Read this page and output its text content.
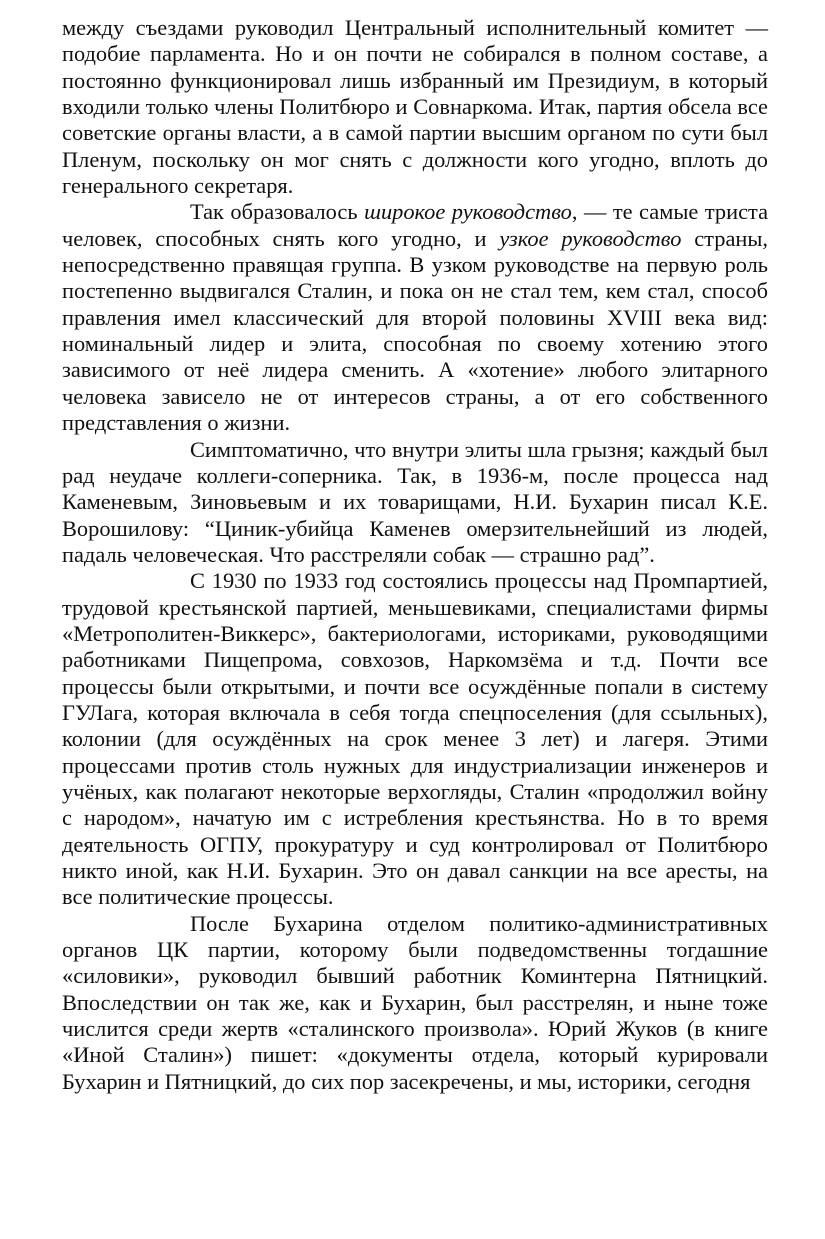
между съездами руководил Центральный исполнительный комитет — подобие парламента. Но и он почти не собирался в полном составе, а постоянно функционировал лишь избранный им Президиум, в который входили только члены Политбюро и Совнаркома. Итак, партия обсела все советские органы власти, а в самой партии высшим органом по сути был Пленум, поскольку он мог снять с должности кого угодно, вплоть до генерального секретаря.

Так образовалось широкое руководство, — те самые триста человек, способных снять кого угодно, и узкое руководство страны, непосредственно правящая группа. В узком руководстве на первую роль постепенно выдвигался Сталин, и пока он не стал тем, кем стал, способ правления имел классический для второй половины XVIII века вид: номинальный лидер и элита, способная по своему хотению этого зависимого от неё лидера сменить. А «хотение» любого элитарного человека зависело не от интересов страны, а от его собственного представления о жизни.

Симптоматично, что внутри элиты шла грызня; каждый был рад неудаче коллеги-соперника. Так, в 1936-м, после процесса над Каменевым, Зиновьевым и их товарищами, Н.И. Бухарин писал К.Е. Ворошилову: “Циник-убийца Каменев омерзительнейший из людей, падаль человеческая. Что расстреляли собак — страшно рад”.

С 1930 по 1933 год состоялись процессы над Промпартией, трудовой крестьянской партией, меньшевиками, специалистами фирмы «Метрополитен-Виккерс», бактериологами, историками, руководящими работниками Пищепрома, совхозов, Наркомзёма и т.д. Почти все процессы были открытыми, и почти все осуждённые попали в систему ГУЛага, которая включала в себя тогда спецпоселения (для ссыльных), колонии (для осуждённых на срок менее 3 лет) и лагеря. Этими процессами против столь нужных для индустриализации инженеров и учёных, как полагают некоторые верхогляды, Сталин «продолжил войну с народом», начатую им с истребления крестьянства. Но в то время деятельность ОГПУ, прокуратуру и суд контролировал от Политбюро никто иной, как Н.И. Бухарин. Это он давал санкции на все аресты, на все политические процессы.

После Бухарина отделом политико-административных органов ЦК партии, которому были подведомственны тогдашние «силовики», руководил бывший работник Коминтерна Пятницкий. Впоследствии он так же, как и Бухарин, был расстрелян, и ныне тоже числится среди жертв «сталинского произвола». Юрий Жуков (в книге «Иной Сталин») пишет: «документы отдела, который курировали Бухарин и Пятницкий, до сих пор засекречены, и мы, историки, сегодня
